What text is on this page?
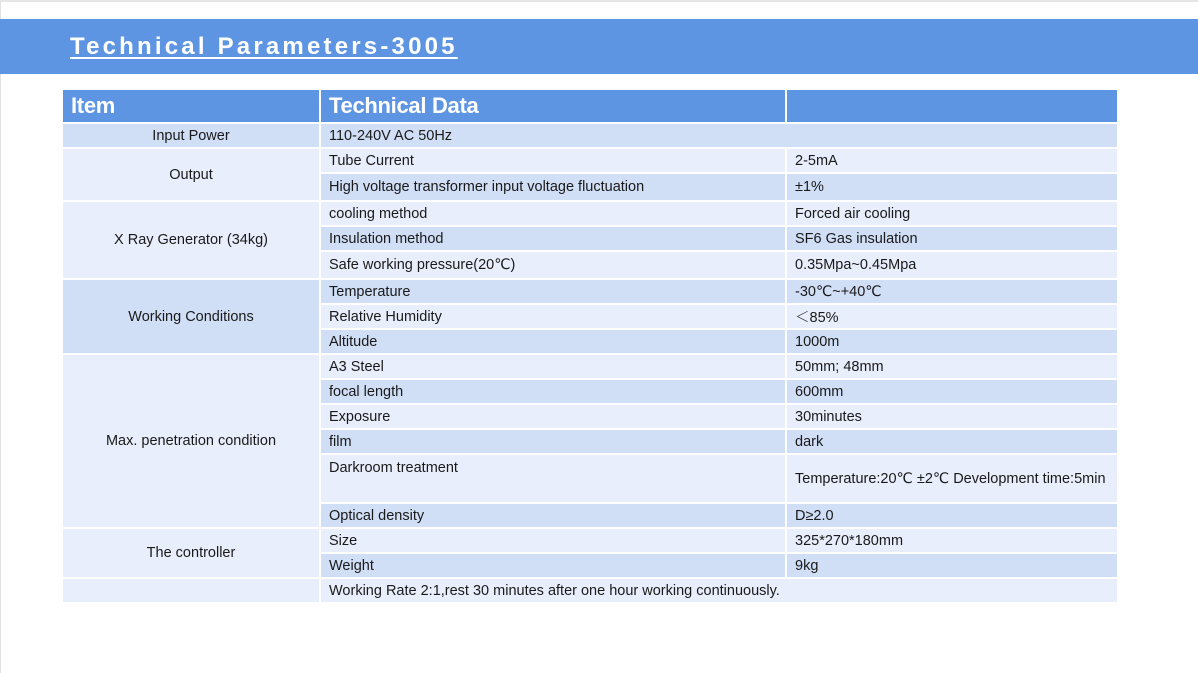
Technical Parameters-3005
Item	Technical Data	
Input Power	110-240V AC 50Hz	
Output	Tube Current	2-5mA
	High voltage transformer input voltage fluctuation	±1%
X Ray Generator (34kg)	cooling method	Forced air cooling
	Insulation method	SF6 Gas insulation
	Safe working pressure(20℃)	0.35Mpa~0.45Mpa
Working Conditions	Temperature	-30℃~+40℃
	Relative Humidity	＜85%
	Altitude	1000m
Max. penetration condition	A3 Steel	50mm; 48mm
	focal length	600mm
	Exposure	30minutes
	film	dark
	Darkroom treatment	Temperature:20℃ ±2℃ Development time:5min
	Optical density	D≥2.0
The controller	Size	325*270*180mm
	Weight	9kg
	Working Rate 2:1,rest 30 minutes after one hour working continuously.	
